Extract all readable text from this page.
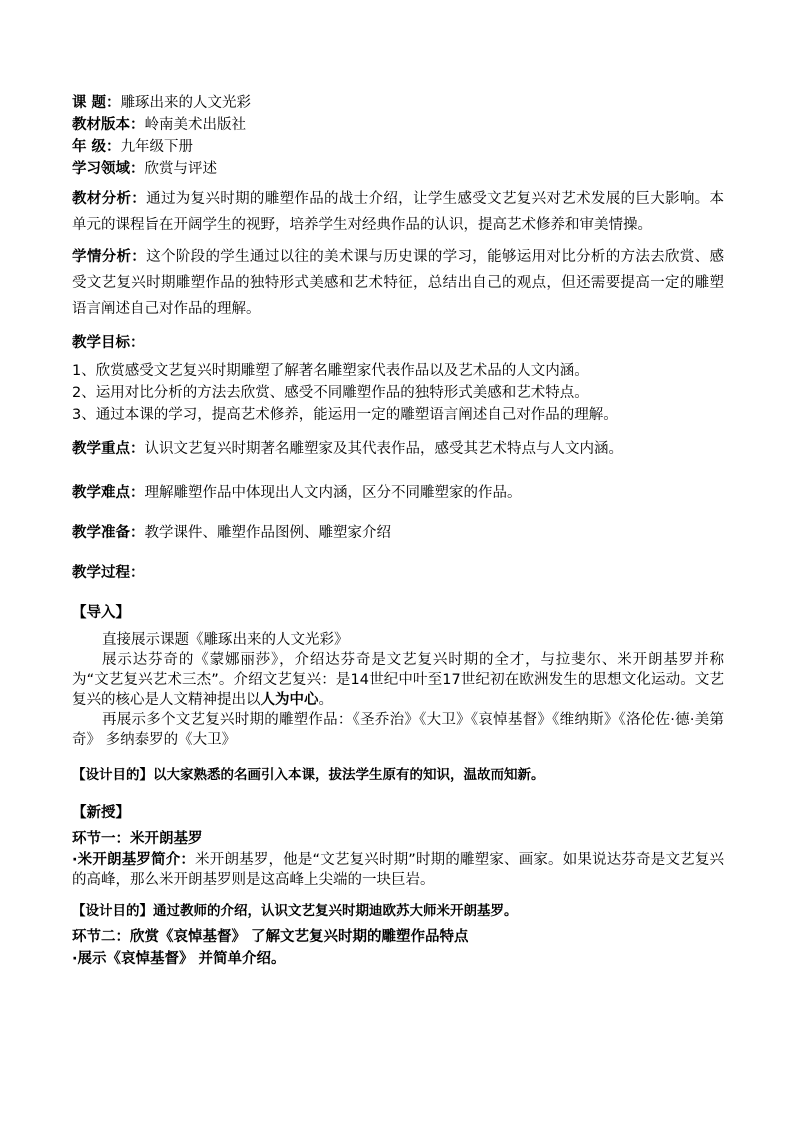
课 题：雕琢出来的人文光彩
教材版本：岭南美术出版社
年 级：九年级下册
学习领域：欣赏与评述
教材分析：通过为复兴时期的雕塑作品的战士介绍，让学生感受文艺复兴对艺术发展的巨大影响。本单元的课程旨在开阔学生的视野，培养学生对经典作品的认识，提高艺术修养和审美情操。
学情分析：这个阶段的学生通过以往的美术课与历史课的学习，能够运用对比分析的方法去欣赏、感受文艺复兴时期雕塑作品的独特形式美感和艺术特征，总结出自己的观点，但还需要提高一定的雕塑语言阐述自己对作品的理解。
教学目标：
1、欣赏感受文艺复兴时期雕塑了解著名雕塑家代表作品以及艺术品的人文内涵。
2、运用对比分析的方法去欣赏、感受不同雕塑作品的独特形式美感和艺术特点。
3、通过本课的学习，提高艺术修养，能运用一定的雕塑语言阐述自己对作品的理解。
教学重点：认识文艺复兴时期著名雕塑家及其代表作品，感受其艺术特点与人文内涵。
教学难点：理解雕塑作品中体现出人文内涵，区分不同雕塑家的作品。
教学准备：教学课件、雕塑作品图例、雕塑家介绍
教学过程：
【导入】
直接展示课题《雕琢出来的人文光彩》
展示达芬奇的《蒙娜丽莎》，介绍达芬奇是文艺复兴时期的全才，与拉斐尔、米开朗基罗并称为“文艺复兴艺术三杰”。介绍文艺复兴：是14世纪中叶至17世纪初在欧洲发生的思想文化运动。文艺复兴的核心是人文精神提出以人为中心。
再展示多个文艺复兴时期的雕塑作品：《圣乔治》《大卫》《哀悼基督》《维纳斯》《洛伦佐·德·美第奇》 多纳泰罗的《大卫》
【设计目的】以大家熟悉的名画引入本课，拔法学生原有的知识，温故而知新。
【新授】
环节一：米开朗基罗
·米开朗基罗简介：米开朗基罗，他是“文艺复兴时期”时期的雕塑家、画家。如果说达芬奇是文艺复兴的高峰，那么米开朗基罗则是这高峰上尖端的一块巨岩。
【设计目的】通过教师的介绍，认识文艺复兴时期迪欧苏大师米开朗基罗。
环节二：欣赏《哀悼基督》 了解文艺复兴时期的雕塑作品特点
·展示《哀悼基督》 并简单介绍。
